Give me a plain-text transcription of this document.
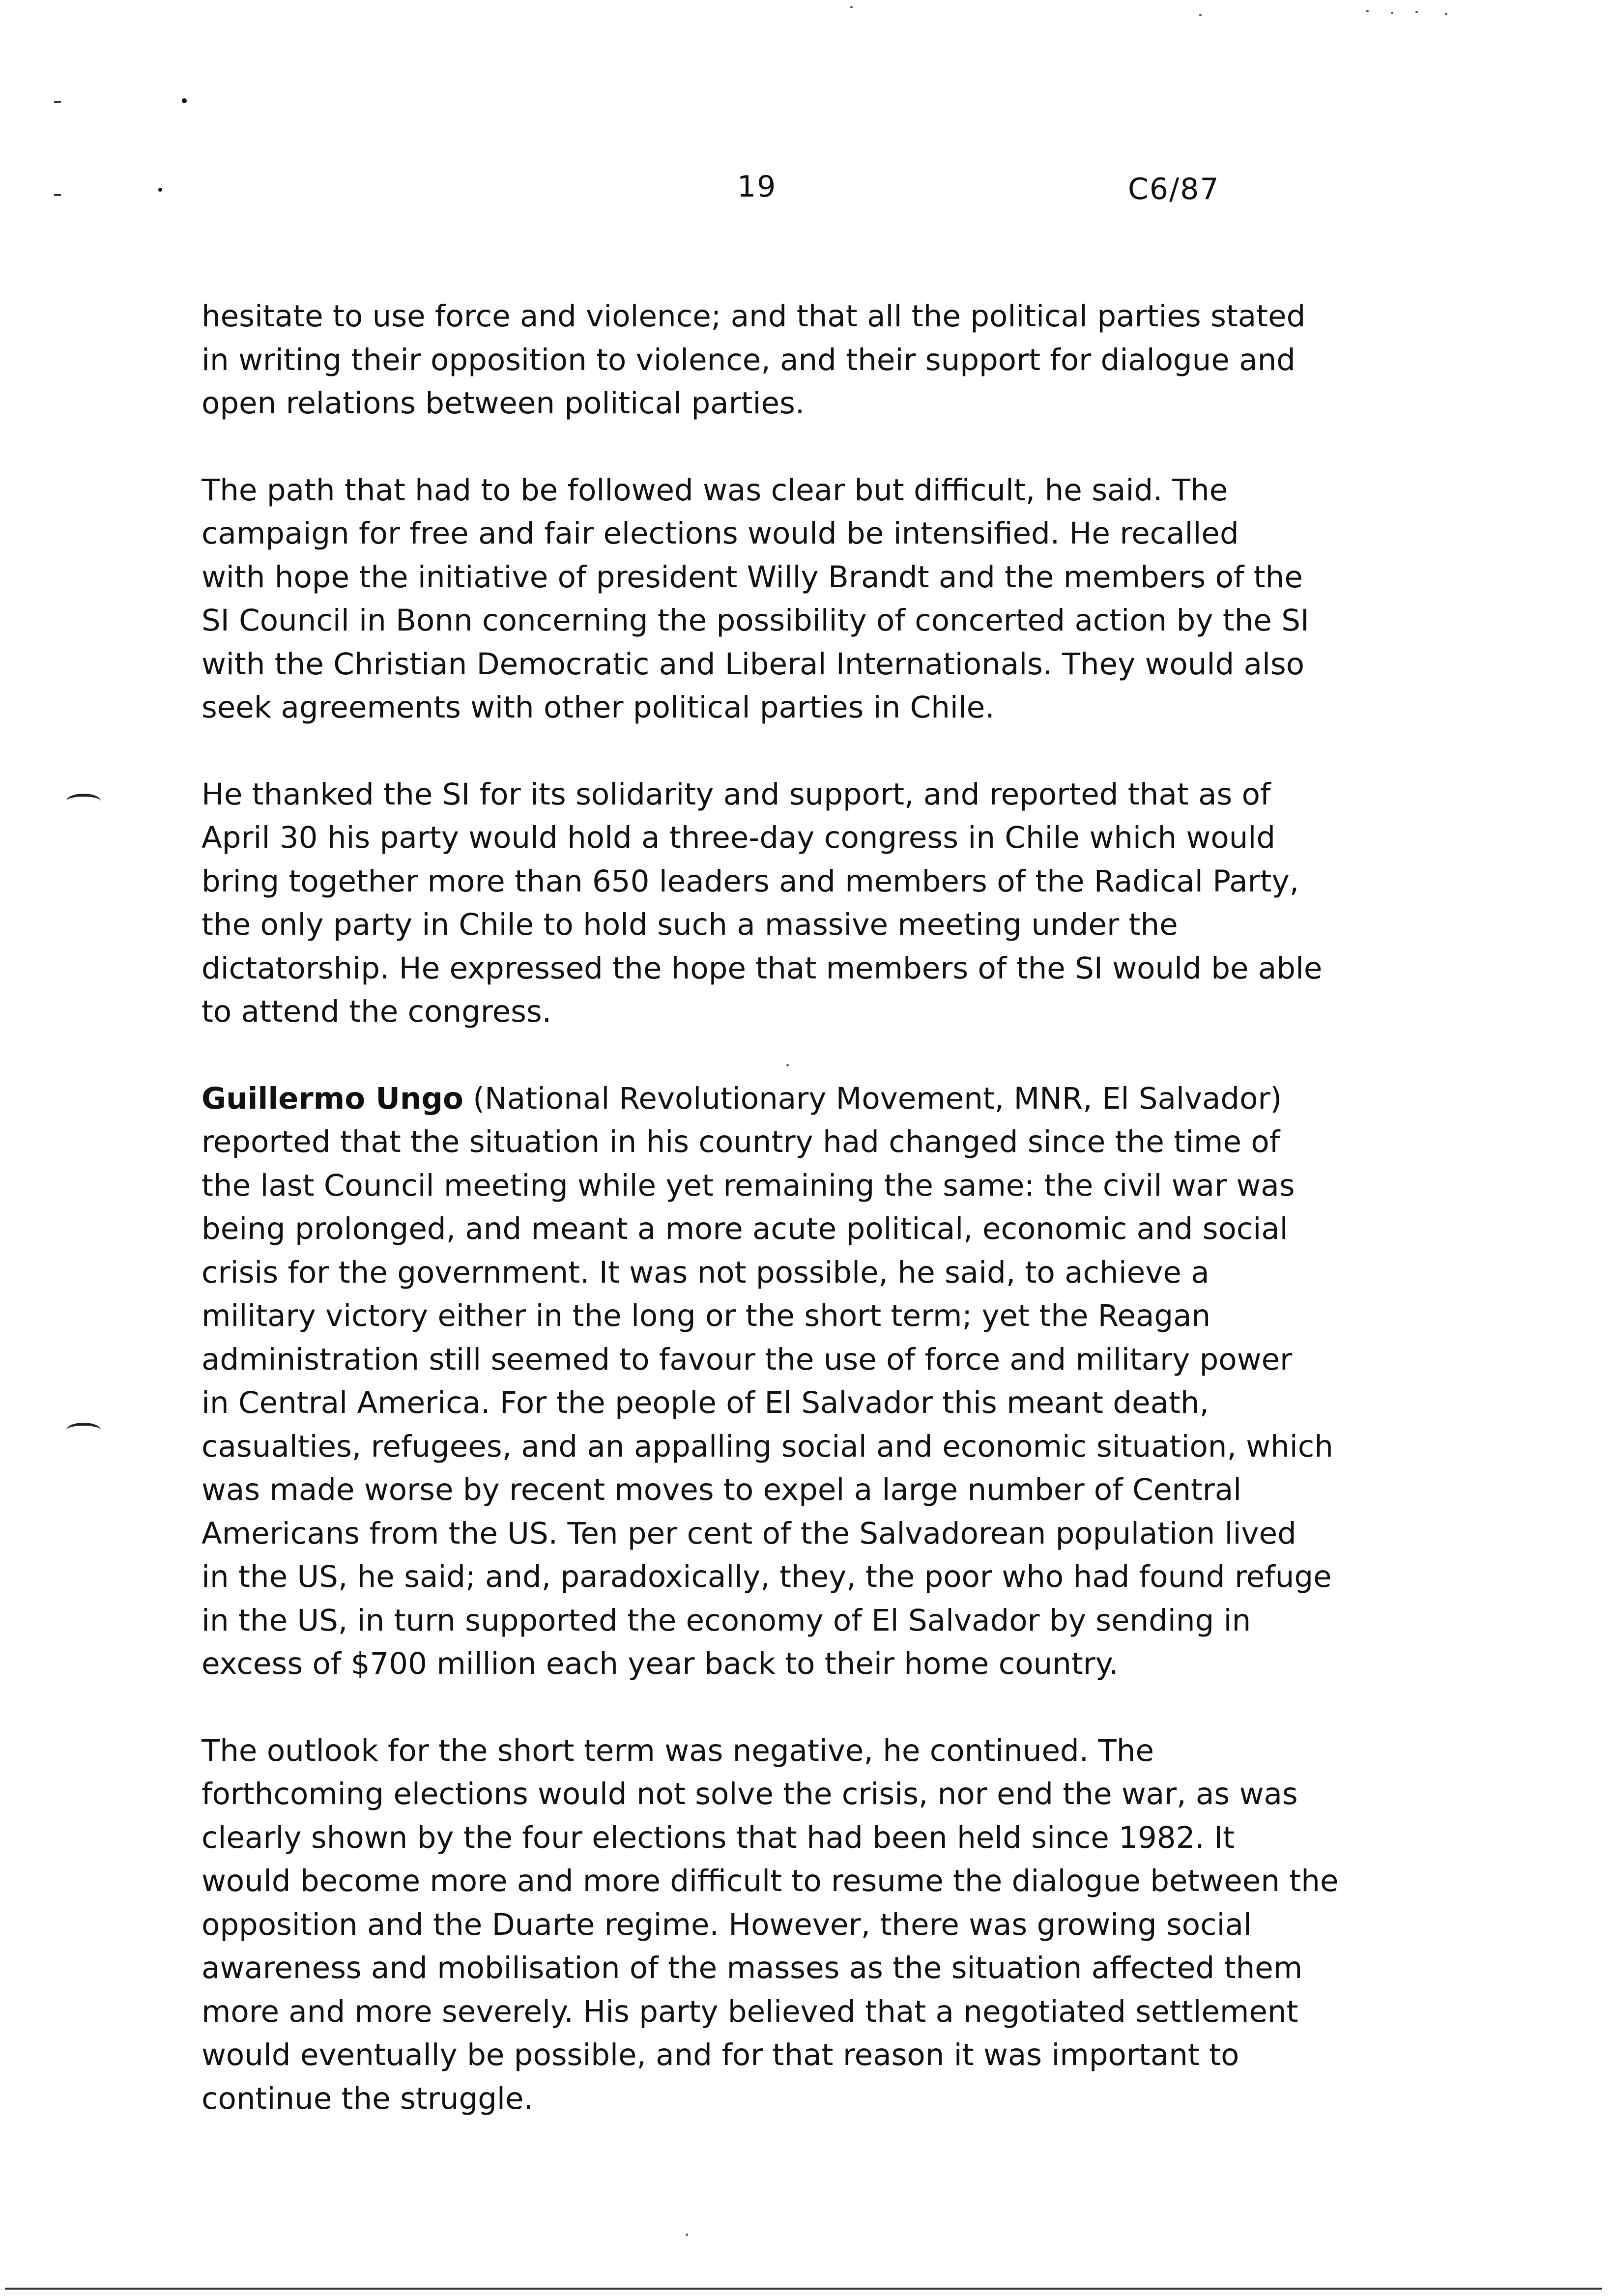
19	C6/87
hesitate to use force and violence; and that all the political parties stated
in writing their opposition to violence, and their support for dialogue and
open relations between political parties.
The path that had to be followed was clear but difficult, he said. The
campaign for free and fair elections would be intensified. He recalled
with hope the initiative of president Willy Brandt and the members of the
SI Council in Bonn concerning the possibility of concerted action by the SI
with the Christian Democratic and Liberal Internationals. They would also
seek agreements with other political parties in Chile.
He thanked the SI for its solidarity and support, and reported that as of
April 30 his party would hold a three-day congress in Chile which would
bring together more than 650 leaders and members of the Radical Party,
the only party in Chile to hold such a massive meeting under the
dictatorship. He expressed the hope that members of the SI would be able
to attend the congress.
Guillermo Ungo (National Revolutionary Movement, MNR, El Salvador)
reported that the situation in his country had changed since the time of
the last Council meeting while yet remaining the same: the civil war was
being prolonged, and meant a more acute political, economic and social
crisis for the government. It was not possible, he said, to achieve a
military victory either in the long or the short term; yet the Reagan
administration still seemed to favour the use of force and military power
in Central America. For the people of El Salvador this meant death,
casualties, refugees, and an appalling social and economic situation, which
was made worse by recent moves to expel a large number of Central
Americans from the US. Ten per cent of the Salvadorean population lived
in the US, he said; and, paradoxically, they, the poor who had found refuge
in the US, in turn supported the economy of El Salvador by sending in
excess of $700 million each year back to their home country.
The outlook for the short term was negative, he continued. The
forthcoming elections would not solve the crisis, nor end the war, as was
clearly shown by the four elections that had been held since 1982. It
would become more and more difficult to resume the dialogue between the
opposition and the Duarte regime. However, there was growing social
awareness and mobilisation of the masses as the situation affected them
more and more severely. His party believed that a negotiated settlement
would eventually be possible, and for that reason it was important to
continue the struggle.
